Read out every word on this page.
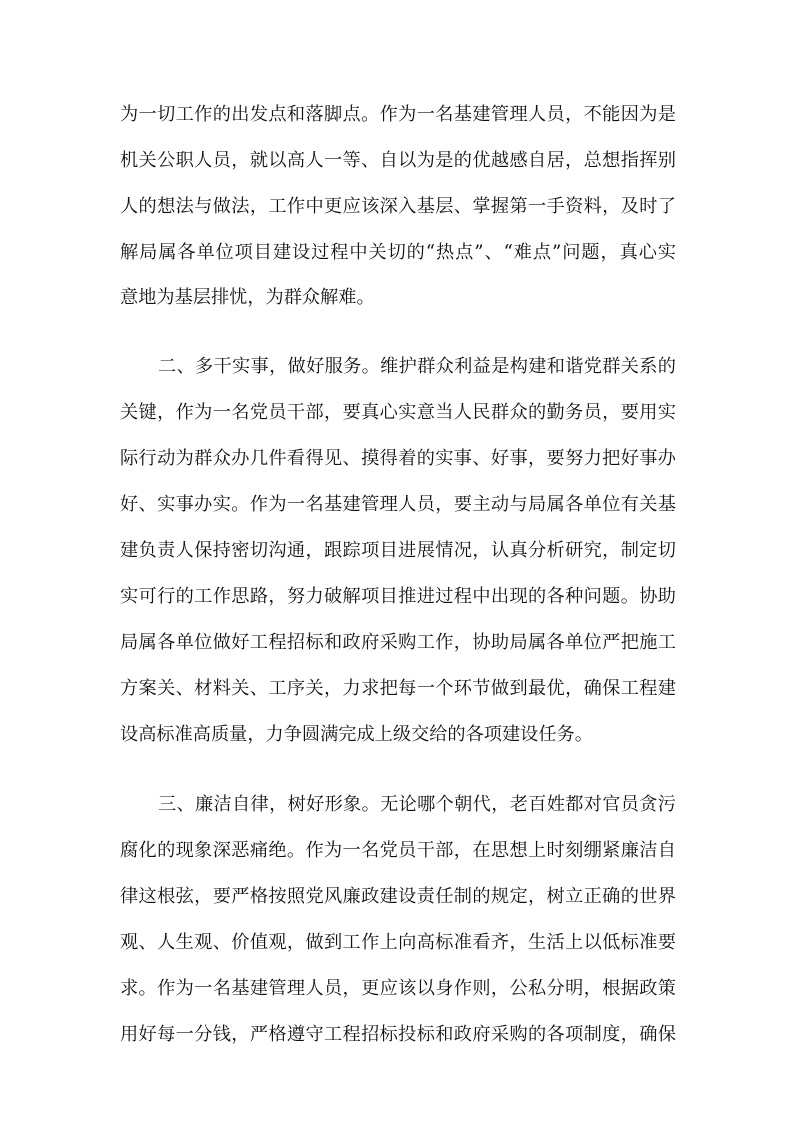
为一切工作的出发点和落脚点。作为一名基建管理人员，不能因为是
机关公职人员，就以高人一等、自以为是的优越感自居，总想指挥别
人的想法与做法，工作中更应该深入基层、掌握第一手资料，及时了
解局属各单位项目建设过程中关切的“热点”、“难点”问题，真心实
意地为基层排忧，为群众解难。
二、多干实事，做好服务。维护群众利益是构建和谐党群关系的
关键，作为一名党员干部，要真心实意当人民群众的勤务员，要用实
际行动为群众办几件看得见、摸得着的实事、好事，要努力把好事办
好、实事办实。作为一名基建管理人员，要主动与局属各单位有关基
建负责人保持密切沟通，跟踪项目进展情况，认真分析研究，制定切
实可行的工作思路，努力破解项目推进过程中出现的各种问题。协助
局属各单位做好工程招标和政府采购工作，协助局属各单位严把施工
方案关、材料关、工序关，力求把每一个环节做到最优，确保工程建
设高标准高质量，力争圆满完成上级交给的各项建设任务。
三、廉洁自律，树好形象。无论哪个朝代，老百姓都对官员贪污
腐化的现象深恶痛绝。作为一名党员干部，在思想上时刻绷紧廉洁自
律这根弦，要严格按照党风廉政建设责任制的规定，树立正确的世界
观、人生观、价值观，做到工作上向高标准看齐，生活上以低标准要
求。作为一名基建管理人员，更应该以身作则，公私分明，根据政策
用好每一分钱，严格遵守工程招标投标和政府采购的各项制度，确保
